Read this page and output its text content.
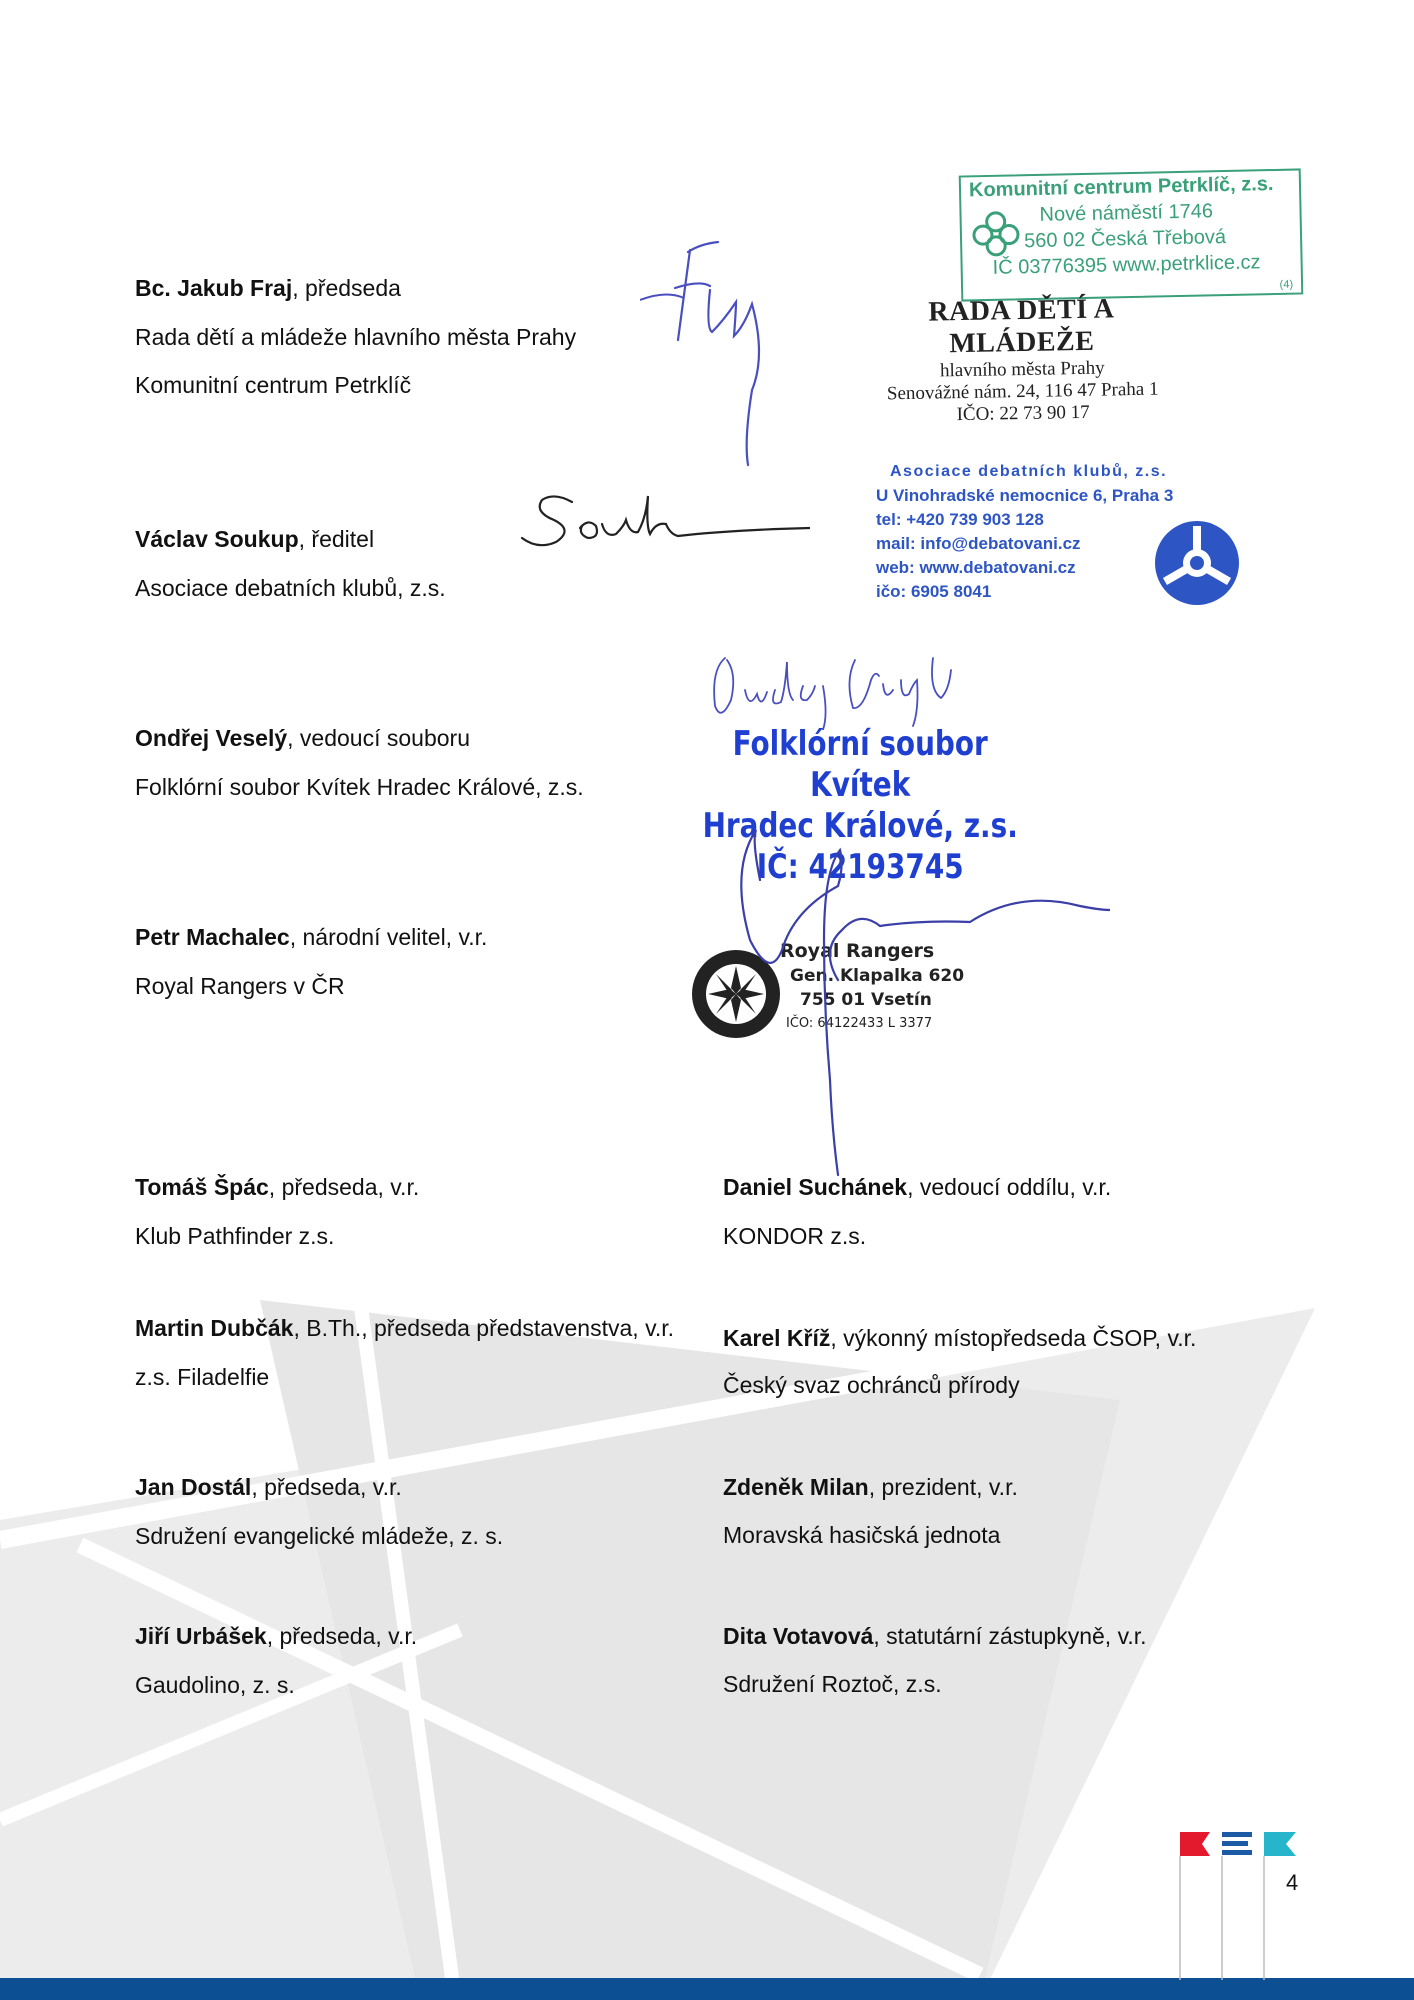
Bc. Jakub Fraj, předseda
Rada dětí a mládeže hlavního města Prahy
Komunitní centrum Petrklíč
Václav Soukup, ředitel
Asociace debatních klubů, z.s.
Ondřej Veselý, vedoucí souboru
Folklórní soubor Kvítek Hradec Králové, z.s.
Petr Machalec, národní velitel, v.r.
Royal Rangers v ČR
Tomáš Špác, předseda, v.r.
Klub Pathfinder z.s.
Daniel Suchánek, vedoucí oddílu, v.r.
KONDOR z.s.
Martin Dubčák, B.Th., předseda představenstva, v.r.
z.s. Filadelfie
Karel Kříž, výkonný místopředseda ČSOP, v.r.
Český svaz ochránců přírody
Jan Dostál, předseda, v.r.
Sdružení evangelické mládeže, z. s.
Zdeněk Milan, prezident, v.r.
Moravská hasičská jednota
Jiří Urbášek, předseda, v.r.
Gaudolino, z. s.
Dita Votavová, statutární zástupkyně, v.r.
Sdružení Roztoč, z.s.
Komunitní centrum Petrklíč, z.s.
Nové náměstí 1746
560 02 Česká Třebová
IČ 03776395 www.petrklice.cz
(4)
RADA DĚTÍ A MLÁDEŽE
hlavního města Prahy
Senovážné nám. 24, 116 47 Praha 1
IČO: 22 73 90 17
Asociace debatních klubů, z.s.
U Vinohradské nemocnice 6, Praha 3
tel: +420 739 903 128
mail: info@debatovani.cz
web: www.debatovani.cz
ičo: 6905 8041
Folklórní soubor Kvítek
Hradec Králové, z.s.
IČ: 42193745
Royal Rangers
Gen. Klapalka 620
755 01 Vsetín
IČO: 64122433 L 3377
4
